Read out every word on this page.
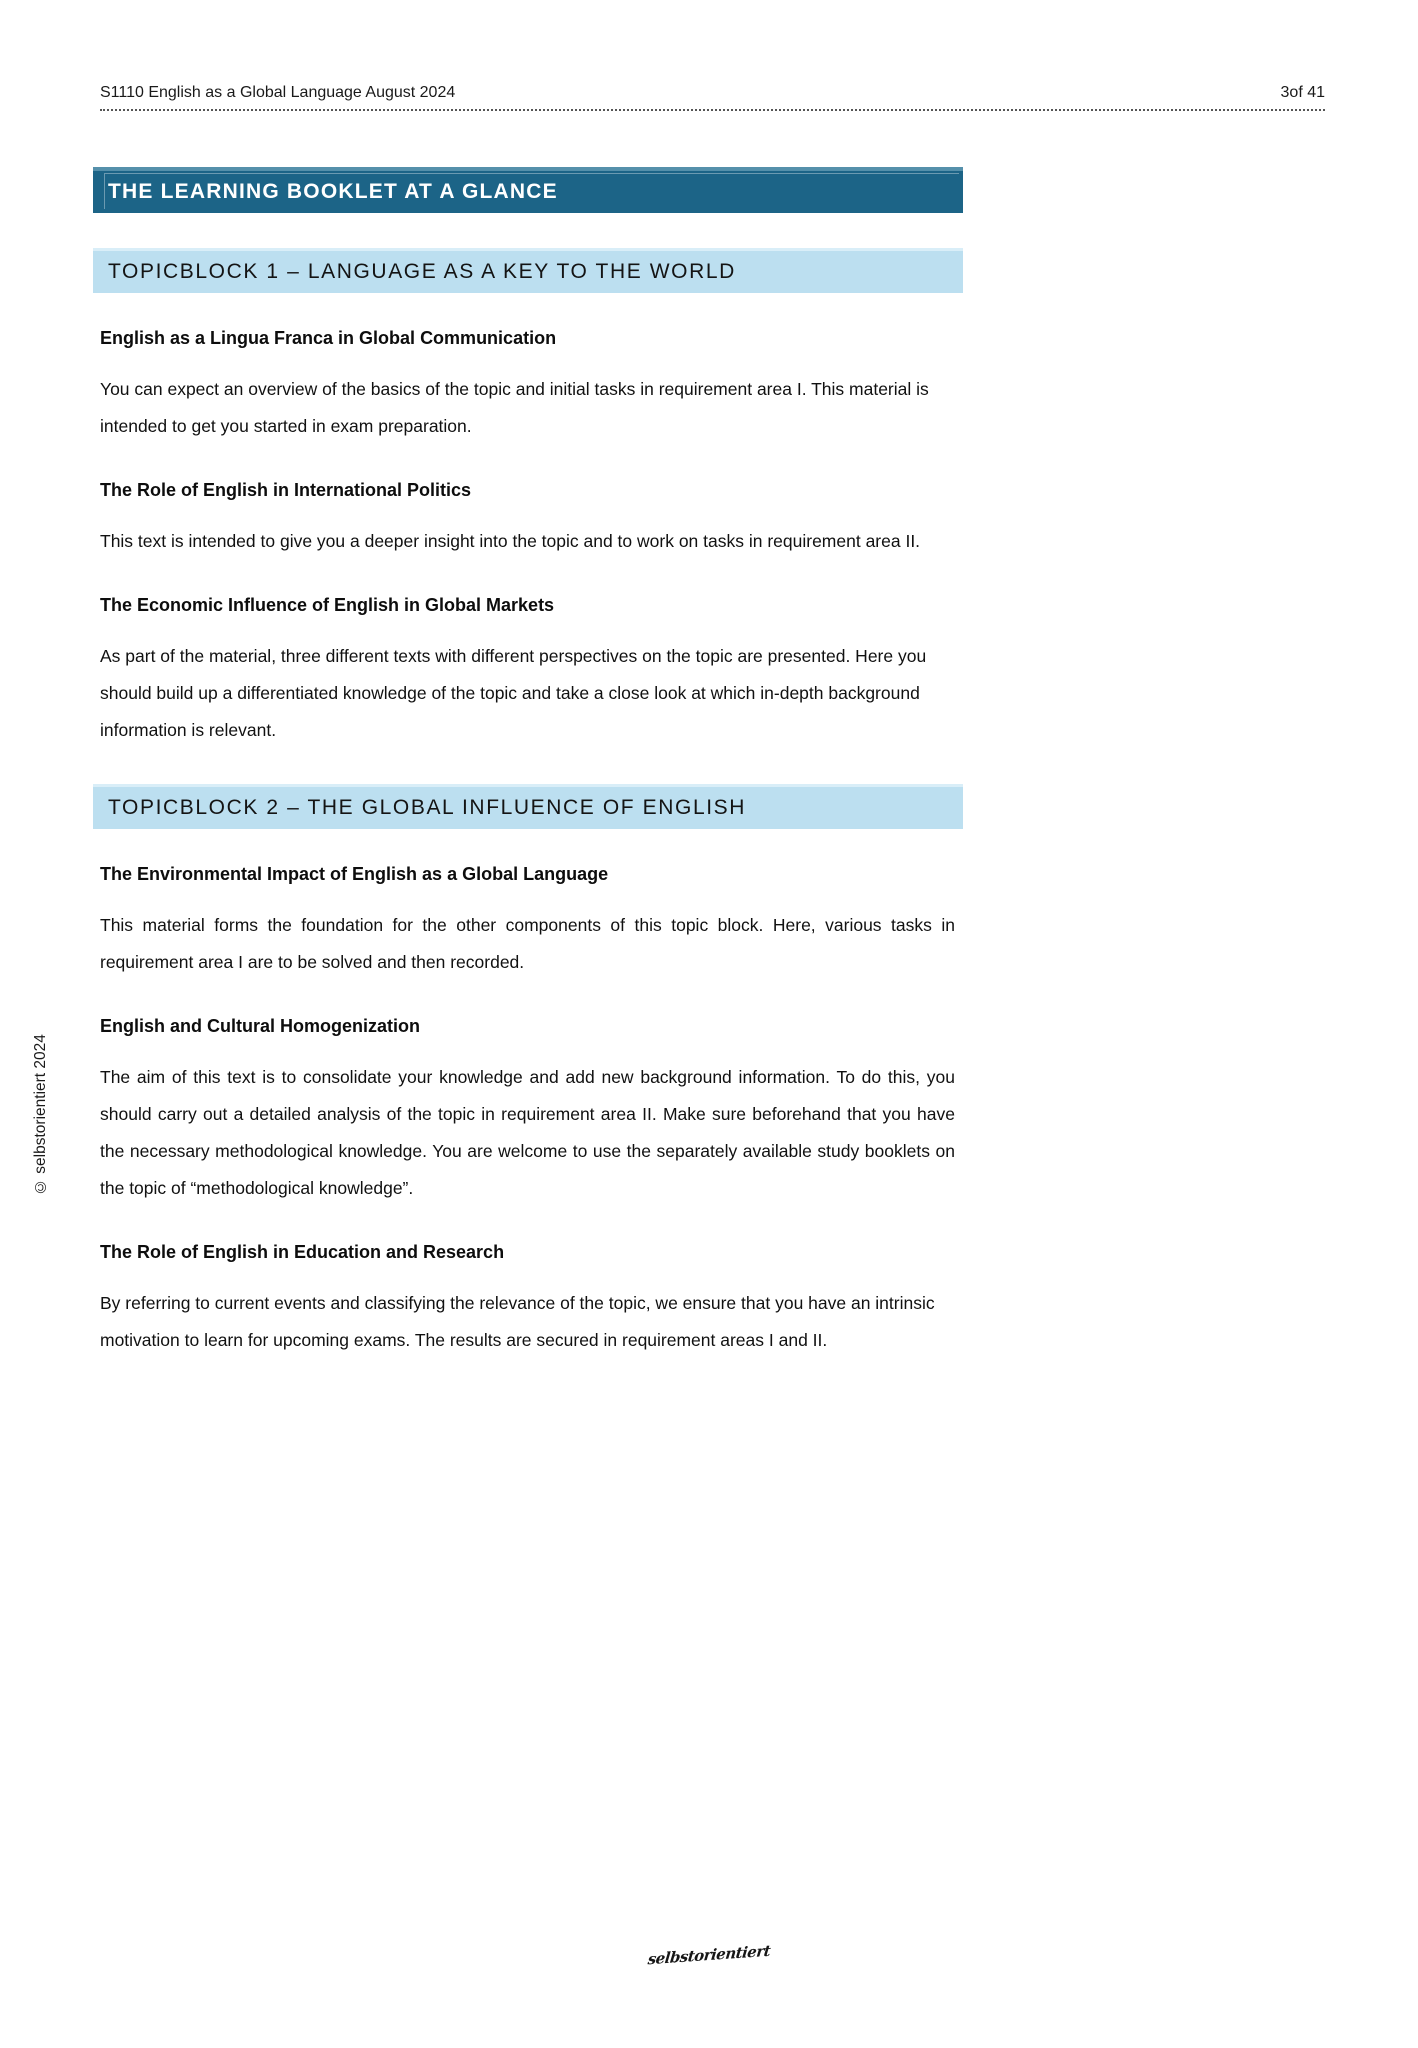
S1110 English as a Global Language August 2024	3of 41
THE LEARNING BOOKLET AT A GLANCE
TOPICBLOCK 1 – LANGUAGE AS A KEY TO THE WORLD
English as a Lingua Franca in Global Communication

You can expect an overview of the basics of the topic and initial tasks in requirement area I. This material is intended to get you started in exam preparation.

The Role of English in International Politics

This text is intended to give you a deeper insight into the topic and to work on tasks in requirement area II.

The Economic Influence of English in Global Markets

As part of the material, three different texts with different perspectives on the topic are presented. Here you should build up a differentiated knowledge of the topic and take a close look at which in-depth background information is relevant.

TOPICBLOCK 2 – THE GLOBAL INFLUENCE OF ENGLISH
The Environmental Impact of English as a Global Language

This material forms the foundation for the other components of this topic block. Here, various tasks in requirement area I are to be solved and then recorded.

English and Cultural Homogenization

The aim of this text is to consolidate your knowledge and add new background information. To do this, you should carry out a detailed analysis of the topic in requirement area II. Make sure beforehand that you have the necessary methodological knowledge. You are welcome to use the separately available study booklets on the topic of “methodological knowledge”.

The Role of English in Education and Research

By referring to current events and classifying the relevance of the topic, we ensure that you have an intrinsic motivation to learn for upcoming exams. The results are secured in requirement areas I and II.

© selbstorientiert 2024
selbstorientiert
